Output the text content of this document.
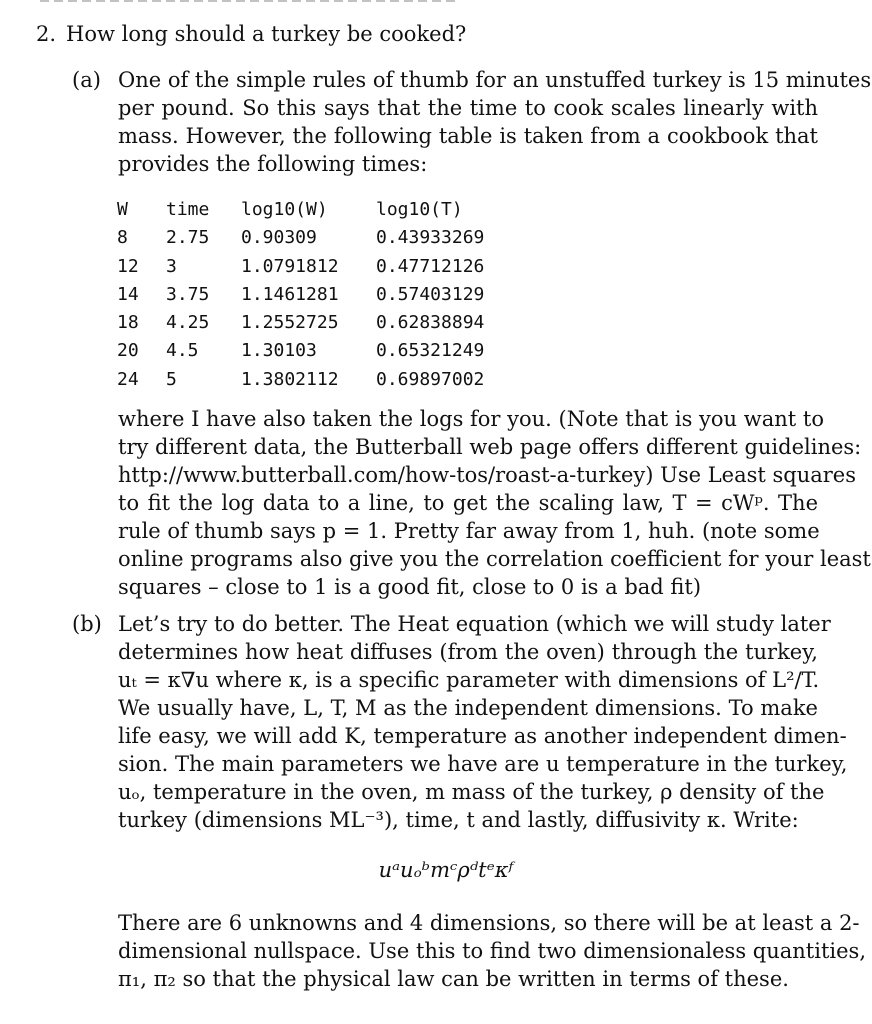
2. How long should a turkey be cooked?
(a) One of the simple rules of thumb for an unstuffed turkey is 15 minutes
per pound. So this says that the time to cook scales linearly with
mass. However, the following table is taken from a cookbook that
provides the following times:
W time log10(W)	log10(T)
8 2.75 0.90309	0.43933269
12 3	1.0791812 0.47712126
14 3.75 1.1461281 0.57403129
18 4.25 1.2552725 0.62838894
20 4.5 1.30103	0.65321249
24 5	1.3802112 0.69897002
where I have also taken the logs for you. (Note that is you want to
try different data, the Butterball web page offers different guidelines:
http://www.butterball.com/how-tos/roast-a-turkey) Use Least squares
to fit the log data to a line, to get the scaling law, T = cWᵖ. The
rule of thumb says p = 1. Pretty far away from 1, huh. (note some
online programs also give you the correlation coefficient for your least
squares – close to 1 is a good fit, close to 0 is a bad fit)
(b) Let’s try to do better. The Heat equation (which we will study later
determines how heat diffuses (from the oven) through the turkey,
uₜ = κ∇u where κ, is a specific parameter with dimensions of L²/T.
We usually have, L, T, M as the independent dimensions. To make
life easy, we will add K, temperature as another independent dimen-
sion. The main parameters we have are u temperature in the turkey,
uₒ, temperature in the oven, m mass of the turkey, ρ density of the
turkey (dimensions ML⁻³), time, t and lastly, diffusivity κ. Write:
uᵃuₒᵇmᶜρᵈtᵉκᶠ
There are 6 unknowns and 4 dimensions, so there will be at least a 2-
dimensional nullspace. Use this to find two dimensionaless quantities,
π₁, π₂ so that the physical law can be written in terms of these.
